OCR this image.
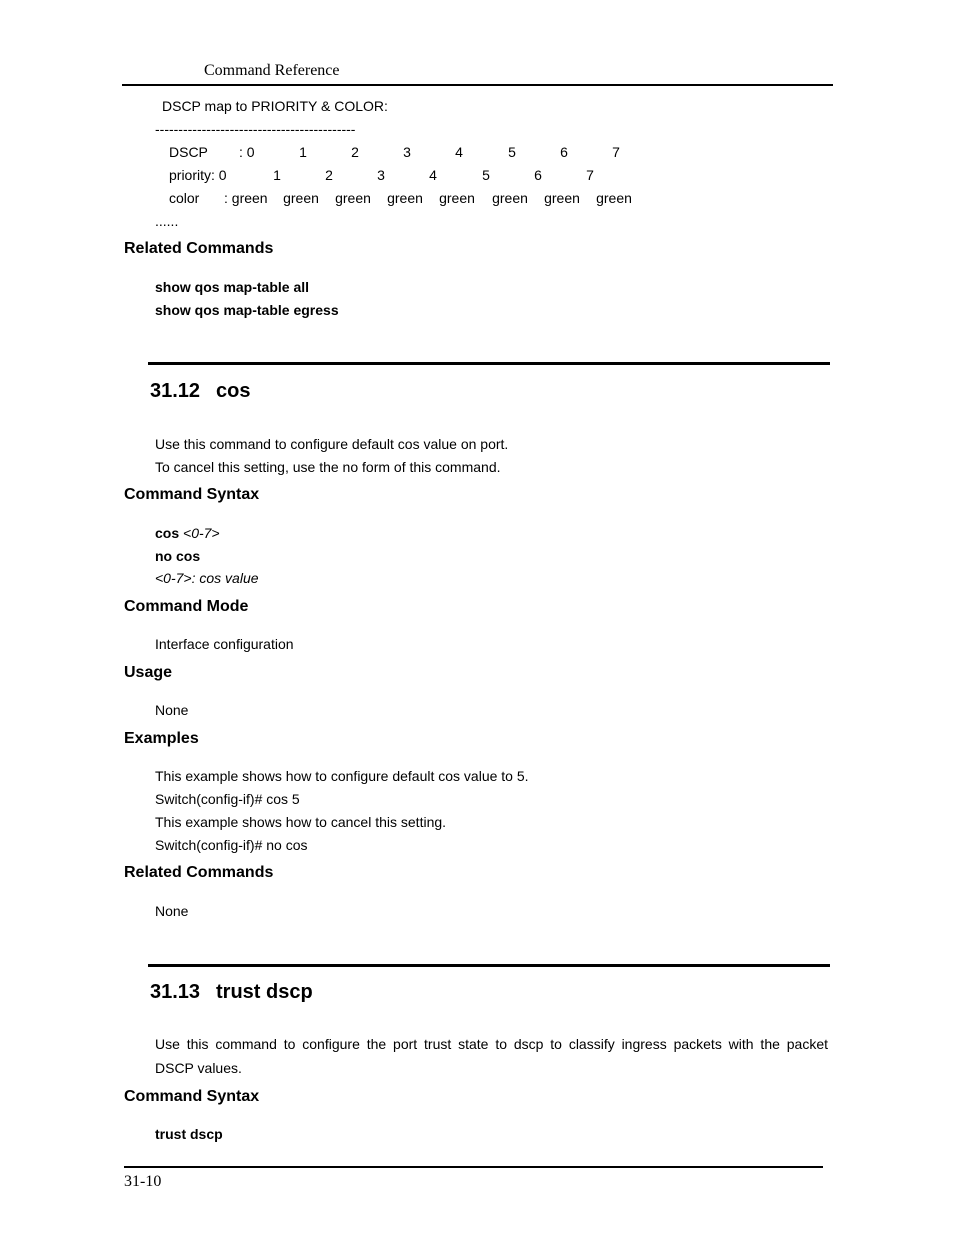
Command Reference
DSCP map to PRIORITY & COLOR:
-------------------------------------------
DSCP : 0	1	2	3	4	5	6	7
priority: 0	1	2	3	4	5	6	7
color : green	green	green	green	green	green	green	green
......
Related Commands
show qos map-table all
show qos map-table egress
31.12 cos
Use this command to configure default cos value on port.
To cancel this setting, use the no form of this command.
Command Syntax
cos <0-7>
no cos
<0-7>: cos value
Command Mode
Interface configuration
Usage
None
Examples
This example shows how to configure default cos value to 5.
Switch(config-if)# cos 5
This example shows how to cancel this setting.
Switch(config-if)# no cos
Related Commands
None
31.13 trust dscp
Use this command to configure the port trust state to dscp to classify ingress packets with the packet
DSCP values.
Command Syntax
trust dscp
31-10
